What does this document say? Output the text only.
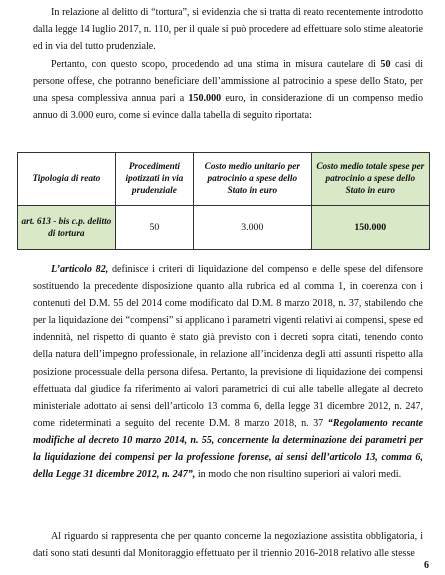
In relazione al delitto di “tortura”, si evidenzia che si tratta di reato recentemente introdotto dalla legge 14 luglio 2017, n. 110, per il quale si può procedere ad effettuare solo stime aleatorie ed in via del tutto prudenziale.

Pertanto, con questo scopo, procedendo ad una stima in misura cautelare di 50 casi di persone offese, che potranno beneficiare dell’ammissione al patrocinio a spese dello Stato, per una spesa complessiva annua pari a 150.000 euro, in considerazione di un compenso medio annuo di 3.000 euro, come si evince dalla tabella di seguito riportata:

Tipologia di reato	Procedimenti ipotizzati in via prudenziale	Costo medio unitario per patrocinio a spese dello Stato in euro	Costo medio totale spese per patrocinio a spese dello Stato in euro
art. 613 - bis c.p. delitto di tortura	50	3.000	150.000

L’articolo 82, definisce i criteri di liquidazione del compenso e delle spese del difensore sostituendo la precedente disposizione quanto alla rubrica ed al comma 1, in coerenza con i contenuti del D.M. 55 del 2014 come modificato dal D.M. 8 marzo 2018, n. 37, stabilendo che per la liquidazione dei “compensi” si applicano i parametri vigenti relativi ai compensi, spese ed indennità, nel rispetto di quanto è stato già previsto con i decreti sopra citati, tenendo conto della natura dell’impegno professionale, in relazione all’incidenza degli atti assunti rispetto alla posizione processuale della persona difesa. Pertanto, la previsione di liquidazione dei compensi effettuata dal giudice fa riferimento ai valori parametrici di cui alle tabelle allegate al decreto ministeriale adottato ai sensi dell’articolo 13 comma 6, della legge 31 dicembre 2012, n. 247, come rideterminati a seguito del recente D.M. 8 marzo 2018, n. 37 “Regolamento recante modifiche al decreto 10 marzo 2014, n. 55, concernente la determinazione dei parametri per la liquidazione dei compensi per la professione forense, ai sensi dell’articolo 13, comma 6, della Legge 31 dicembre 2012, n. 247”, in modo che non risultino superiori ai valori medi.

Al riguardo si rappresenta che per quanto concerne la negoziazione assistita obbligatoria, i dati sono stati desunti dal Monitoraggio effettuato per il triennio 2016-2018 relativo alle stesse

6
